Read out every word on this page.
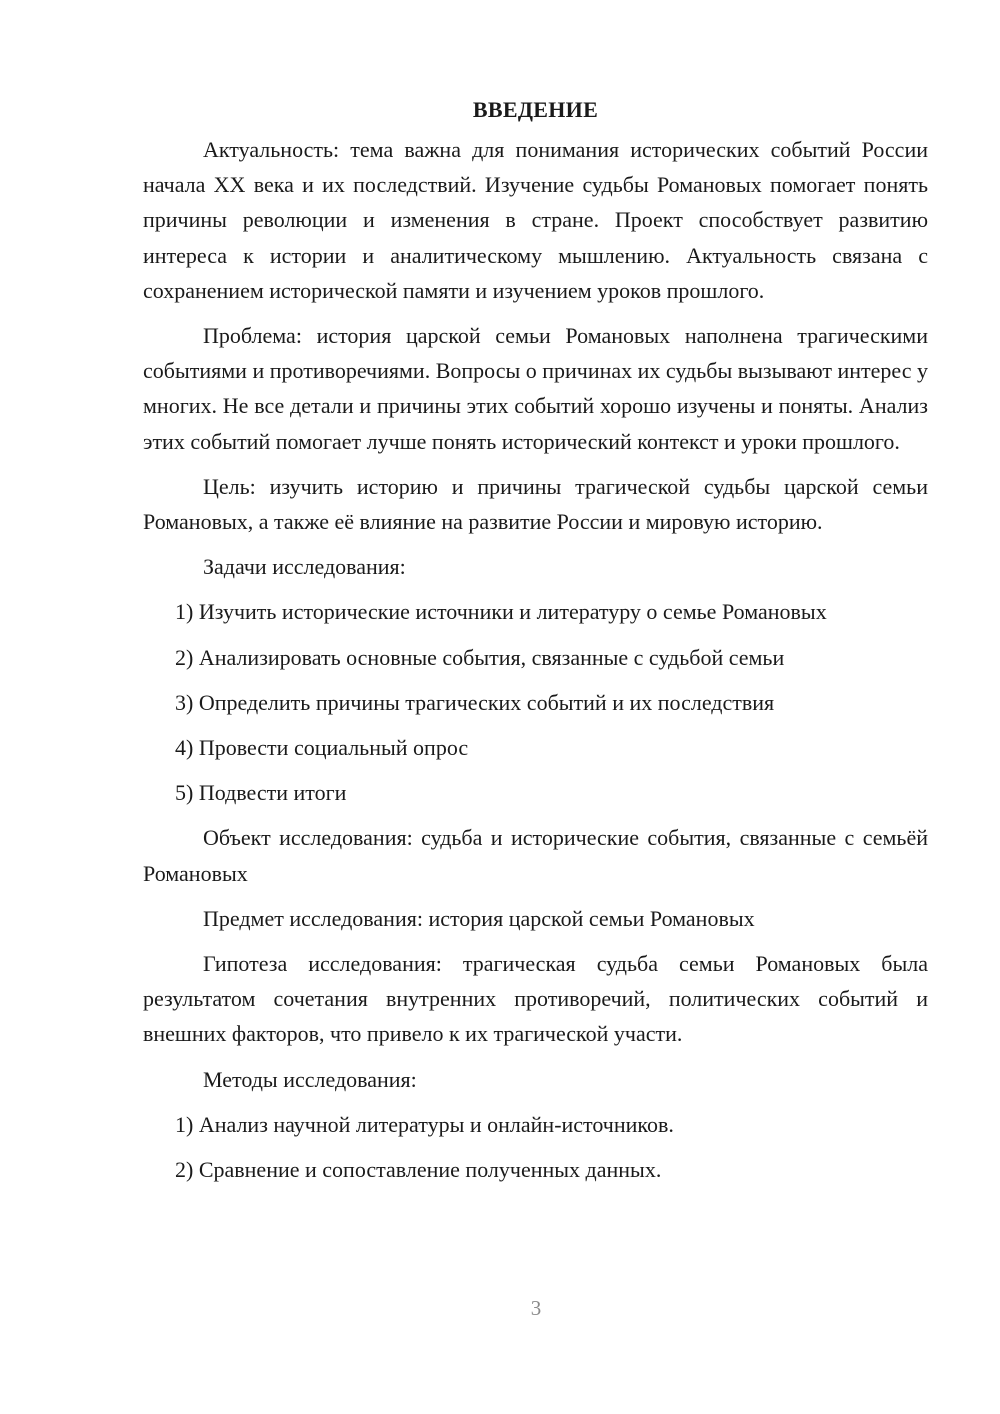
ВВЕДЕНИЕ

Актуальность: тема важна для понимания исторических событий России начала XX века и их последствий. Изучение судьбы Романовых помогает понять причины революции и изменения в стране. Проект способствует развитию интереса к истории и аналитическому мышлению. Актуальность связана с сохранением исторической памяти и изучением уроков прошлого.

Проблема: история царской семьи Романовых наполнена трагическими событиями и противоречиями. Вопросы о причинах их судьбы вызывают интерес у многих. Не все детали и причины этих событий хорошо изучены и поняты. Анализ этих событий помогает лучше понять исторический контекст и уроки прошлого.

Цель: изучить историю и причины трагической судьбы царской семьи Романовых, а также её влияние на развитие России и мировую историю.

Задачи исследования:
1) Изучить исторические источники и литературу о семье Романовых
2) Анализировать основные события, связанные с судьбой семьи
3) Определить причины трагических событий и их последствия
4) Провести социальный опрос
5) Подвести итоги

Объект исследования: судьба и исторические события, связанные с семьёй Романовых

Предмет исследования: история царской семьи Романовых

Гипотеза исследования: трагическая судьба семьи Романовых была результатом сочетания внутренних противоречий, политических событий и внешних факторов, что привело к их трагической участи.

Методы исследования:
1) Анализ научной литературы и онлайн-источников.
2) Сравнение и сопоставление полученных данных.
3
